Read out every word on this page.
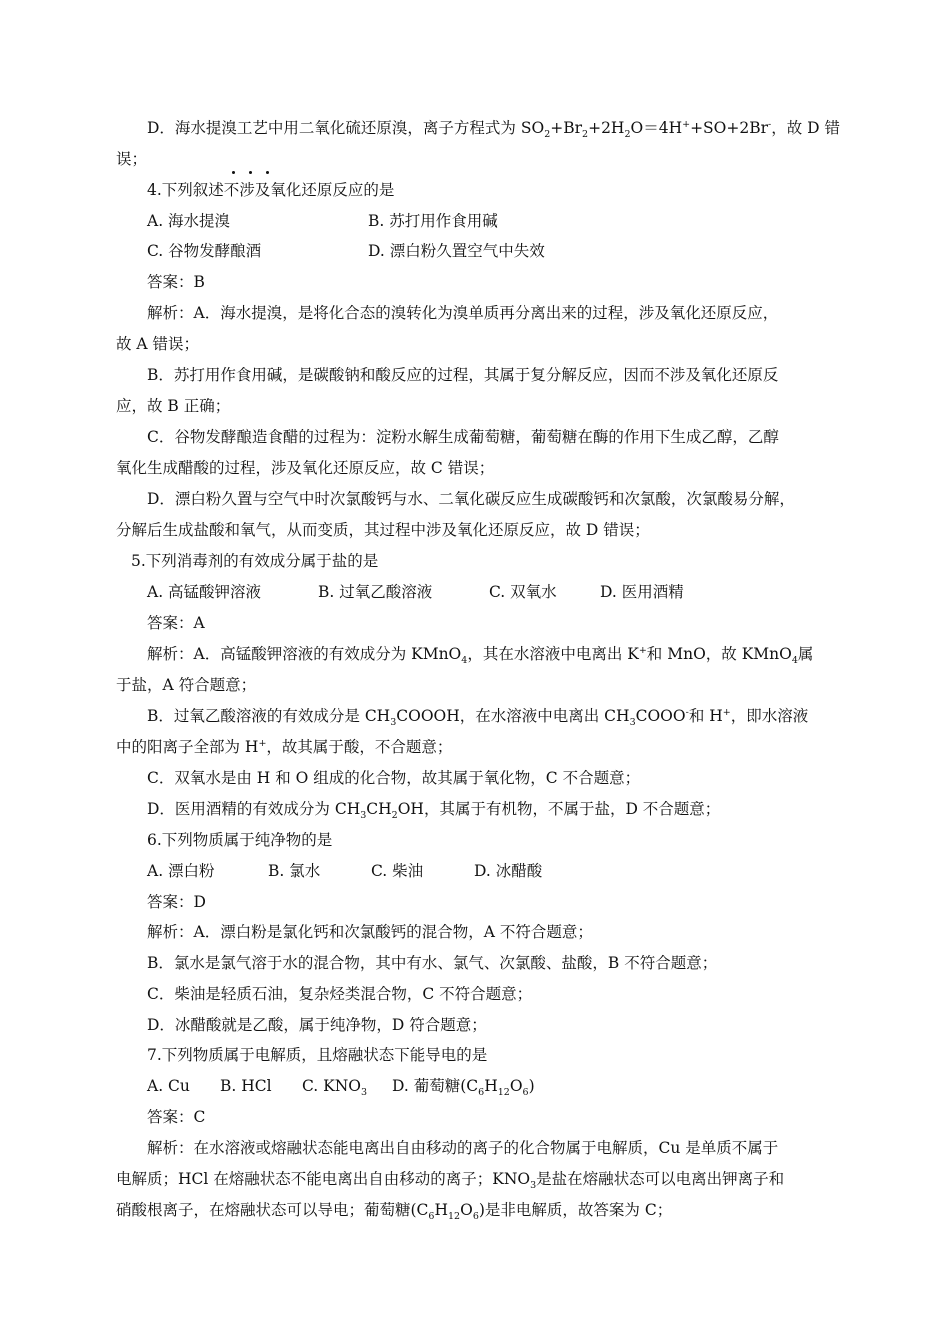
D．海水提溴工艺中用二氧化硫还原溴，离子方程式为 $SO_2+Br_2+2H_2O=4H^++SO+2Br^-$，故 D 错
误；
4.下列叙述不涉及氧化还原反应的是
A. 海水提溴	B. 苏打用作食用碱
C. 谷物发酵酿酒	D. 漂白粉久置空气中失效
答案：B
解析：A．海水提溴，是将化合态的溴转化为溴单质再分离出来的过程，涉及氧化还原反应，
故 A 错误；
B．苏打用作食用碱，是碳酸钠和酸反应的过程，其属于复分解反应，因而不涉及氧化还原反
应，故 B 正确；
C．谷物发酵酿造食醋的过程为：淀粉水解生成葡萄糖，葡萄糖在酶的作用下生成乙醇，乙醇
氧化生成醋酸的过程，涉及氧化还原反应，故 C 错误；
D．漂白粉久置与空气中时次氯酸钙与水、二氧化碳反应生成碳酸钙和次氯酸，次氯酸易分解，
分解后生成盐酸和氧气，从而变质，其过程中涉及氧化还原反应，故 D 错误；
5.下列消毒剂的有效成分属于盐的是
A. 高锰酸钾溶液	B. 过氧乙酸溶液	C. 双氧水	D. 医用酒精
答案：A
解析：A．高锰酸钾溶液的有效成分为 KMnO$_4$，其在水溶液中电离出 K+和 MnO，故 KMnO$_4$属
于盐，A 符合题意；
B．过氧乙酸溶液的有效成分是 $CH_3COOOH$，在水溶液中电离出 $CH_3COOO^-$和 H+，即水溶液
中的阳离子全部为 H+，故其属于酸，不合题意；
C．双氧水是由 H 和 O 组成的化合物，故其属于氧化物，C 不合题意；
D．医用酒精的有效成分为 $CH_3CH_2OH$，其属于有机物，不属于盐，D 不合题意；
6.下列物质属于纯净物的是
A. 漂白粉	B. 氯水	C. 柴油	D. 冰醋酸
答案：D
解析：A．漂白粉是氯化钙和次氯酸钙的混合物，A 不符合题意；
B．氯水是氯气溶于水的混合物，其中有水、氯气、次氯酸、盐酸，B 不符合题意；
C．柴油是轻质石油，复杂烃类混合物，C 不符合题意；
D．冰醋酸就是乙酸，属于纯净物，D 符合题意；
7.下列物质属于电解质，且熔融状态下能导电的是
A. Cu B. HCl C. $KNO_3$ D. 葡萄糖$(C_6H_{12}O_6)$
答案：C
解析：在水溶液或熔融状态能电离出自由移动的离子的化合物属于电解质，Cu 是单质不属于
电解质；HCl 在熔融状态不能电离出自由移动的离子；$KNO_3$是盐在熔融状态可以电离出钾离子和
硝酸根离子，在熔融状态可以导电；葡萄糖$(C_6H_{12}O_6)$是非电解质，故答案为 C；
